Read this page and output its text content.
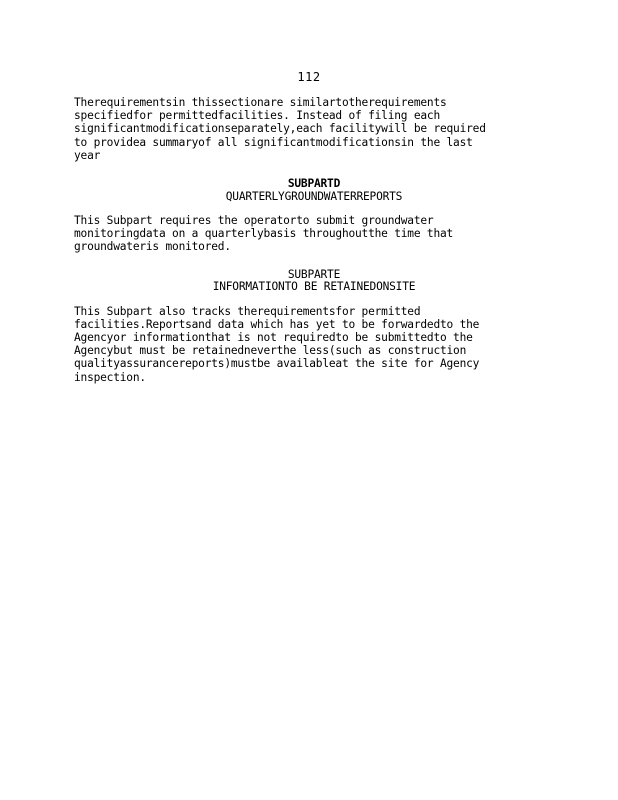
112

Therequirementsin thissectionare similartotherequirements
specifiedfor permittedfacilities. Instead of filing each
significantmodificationseparately,each facilitywill be required
to providea summaryof all significantmodificationsin the last
year

SUBPARTD
QUARTERLYGROUNDWATERREPORTS

This Subpart requires the operatorto submit groundwater
monitoringdata on a quarterlybasis throughoutthe time that
groundwateris monitored.

SUBPARTE
INFORMATIONTO BE RETAINEDONSITE

This Subpart also tracks therequirementsfor permitted
facilities.Reportsand data which has yet to be forwardedto the
Agencyor informationthat is not requiredto be submittedto the
Agencybut must be retainedneverthe less(such as construction
qualityassurancereports)mustbe availableat the site for Agency
inspection.
